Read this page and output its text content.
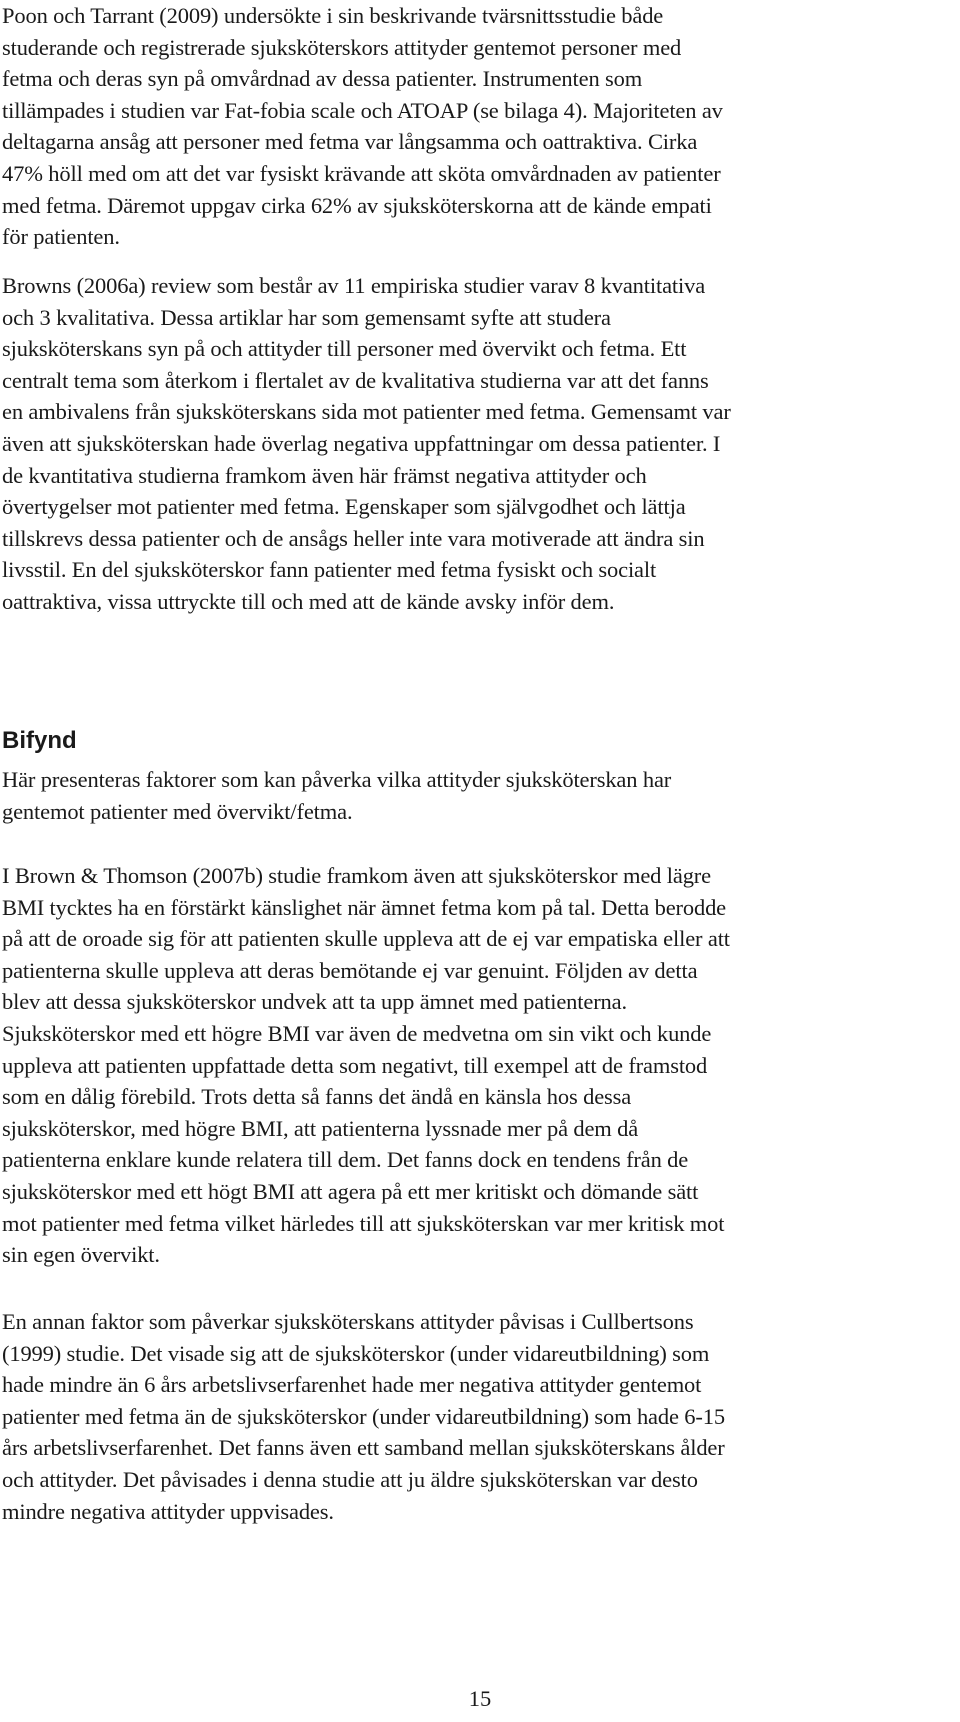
Poon och Tarrant (2009) undersökte i sin beskrivande tvärsnittsstudie både
studerande och registrerade sjuksköterskors attityder gentemot personer med
fetma och deras syn på omvårdnad av dessa patienter. Instrumenten som
tillämpades i studien var Fat-fobia scale och ATOAP (se bilaga 4). Majoriteten av
deltagarna ansåg att personer med fetma var långsamma och oattraktiva. Cirka
47% höll med om att det var fysiskt krävande att sköta omvårdnaden av patienter
med fetma. Däremot uppgav cirka 62% av sjuksköterskorna att de kände empati
för patienten.

Browns (2006a) review som består av 11 empiriska studier varav 8 kvantitativa
och 3 kvalitativa. Dessa artiklar har som gemensamt syfte att studera
sjuksköterskans syn på och attityder till personer med övervikt och fetma. Ett
centralt tema som återkom i flertalet av de kvalitativa studierna var att det fanns
en ambivalens från sjuksköterskans sida mot patienter med fetma. Gemensamt var
även att sjuksköterskan hade överlag negativa uppfattningar om dessa patienter. I
de kvantitativa studierna framkom även här främst negativa attityder och
övertygelser mot patienter med fetma. Egenskaper som självgodhet och lättja
tillskrevs dessa patienter och de ansågs heller inte vara motiverade att ändra sin
livsstil. En del sjuksköterskor fann patienter med fetma fysiskt och socialt
oattraktiva, vissa uttryckte till och med att de kände avsky inför dem.

Bifynd

Här presenteras faktorer som kan påverka vilka attityder sjuksköterskan har
gentemot patienter med övervikt/fetma.

I Brown & Thomson (2007b) studie framkom även att sjuksköterskor med lägre
BMI tycktes ha en förstärkt känslighet när ämnet fetma kom på tal. Detta berodde
på att de oroade sig för att patienten skulle uppleva att de ej var empatiska eller att
patienterna skulle uppleva att deras bemötande ej var genuint. Följden av detta
blev att dessa sjuksköterskor undvek att ta upp ämnet med patienterna.
Sjuksköterskor med ett högre BMI var även de medvetna om sin vikt och kunde
uppleva att patienten uppfattade detta som negativt, till exempel att de framstod
som en dålig förebild. Trots detta så fanns det ändå en känsla hos dessa
sjuksköterskor, med högre BMI, att patienterna lyssnade mer på dem då
patienterna enklare kunde relatera till dem. Det fanns dock en tendens från de
sjuksköterskor med ett högt BMI att agera på ett mer kritiskt och dömande sätt
mot patienter med fetma vilket härledes till att sjuksköterskan var mer kritisk mot
sin egen övervikt.

En annan faktor som påverkar sjuksköterskans attityder påvisas i Cullbertsons
(1999) studie. Det visade sig att de sjuksköterskor (under vidareutbildning) som
hade mindre än 6 års arbetslivserfarenhet hade mer negativa attityder gentemot
patienter med fetma än de sjuksköterskor (under vidareutbildning) som hade 6-15
års arbetslivserfarenhet. Det fanns även ett samband mellan sjuksköterskans ålder
och attityder. Det påvisades i denna studie att ju äldre sjuksköterskan var desto
mindre negativa attityder uppvisades.

15
